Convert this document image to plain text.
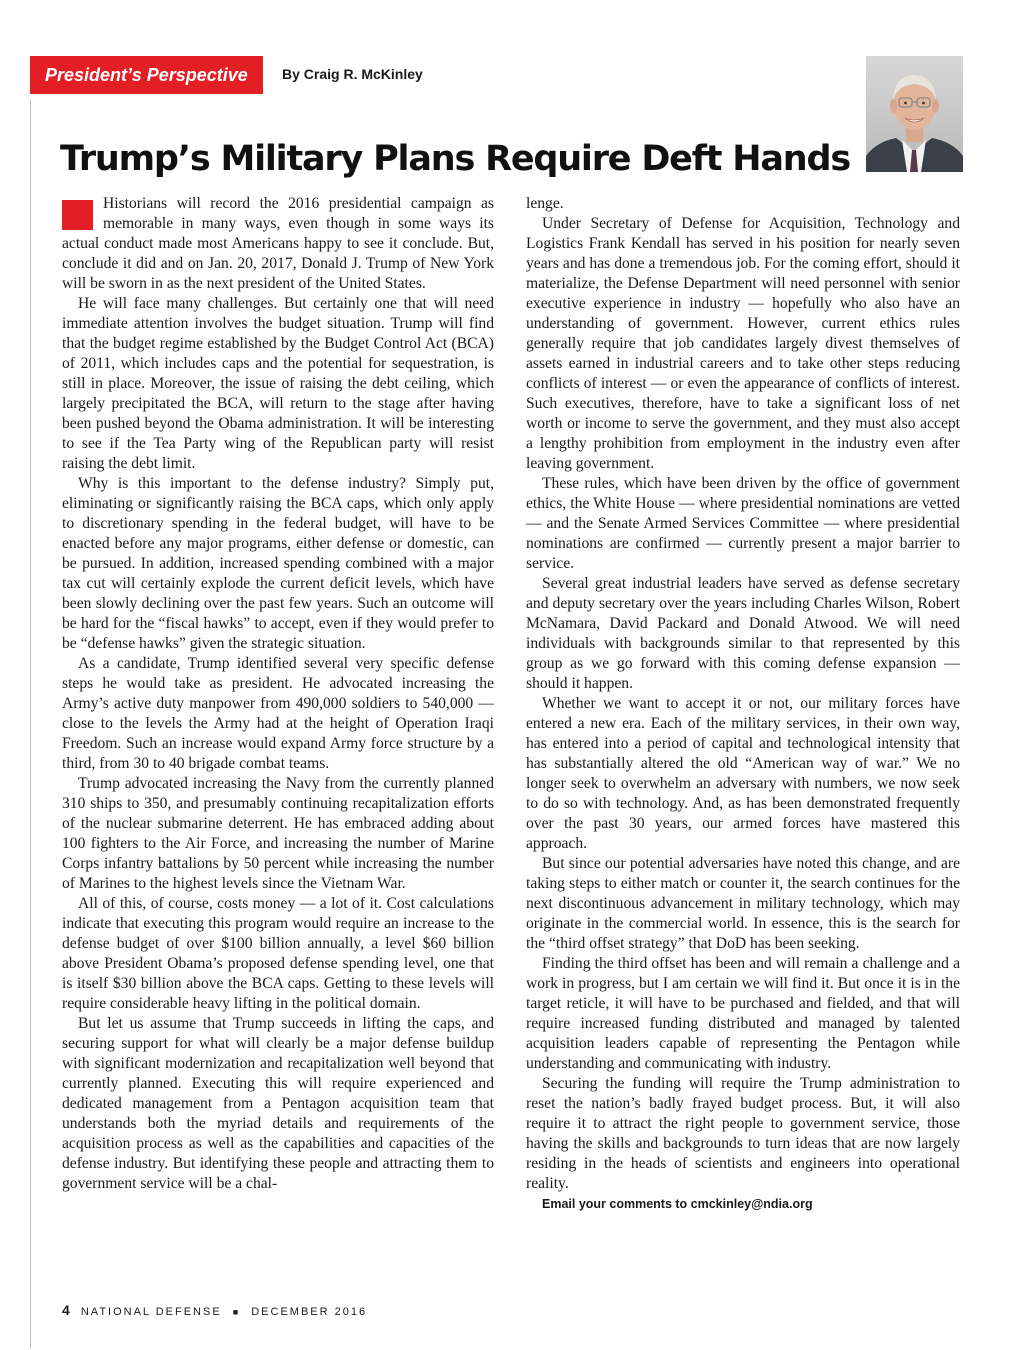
President’s Perspective	By Craig R. McKinley
Trump’s Military Plans Require Deft Hands

Historians will record the 2016 presidential campaign as memorable in many ways, even though in some ways its actual conduct made most Americans happy to see it conclude. But, conclude it did and on Jan. 20, 2017, Donald J. Trump of New York will be sworn in as the next president of the United States.

He will face many challenges. But certainly one that will need immediate attention involves the budget situation. Trump will find that the budget regime established by the Budget Control Act (BCA) of 2011, which includes caps and the potential for sequestration, is still in place. Moreover, the issue of raising the debt ceiling, which largely precipitated the BCA, will return to the stage after having been pushed beyond the Obama administration. It will be interesting to see if the Tea Party wing of the Republican party will resist raising the debt limit.

Why is this important to the defense industry? Simply put, eliminating or significantly raising the BCA caps, which only apply to discretionary spending in the federal budget, will have to be enacted before any major programs, either defense or domestic, can be pursued. In addition, increased spending combined with a major tax cut will certainly explode the current deficit levels, which have been slowly declining over the past few years. Such an outcome will be hard for the “fiscal hawks” to accept, even if they would prefer to be “defense hawks” given the strategic situation.

As a candidate, Trump identified several very specific defense steps he would take as president. He advocated increasing the Army’s active duty manpower from 490,000 soldiers to 540,000 — close to the levels the Army had at the height of Operation Iraqi Freedom. Such an increase would expand Army force structure by a third, from 30 to 40 brigade combat teams.

Trump advocated increasing the Navy from the currently planned 310 ships to 350, and presumably continuing recapitalization efforts of the nuclear submarine deterrent. He has embraced adding about 100 fighters to the Air Force, and increasing the number of Marine Corps infantry battalions by 50 percent while increasing the number of Marines to the highest levels since the Vietnam War.

All of this, of course, costs money — a lot of it. Cost calculations indicate that executing this program would require an increase to the defense budget of over $100 billion annually, a level $60 billion above President Obama’s proposed defense spending level, one that is itself $30 billion above the BCA caps. Getting to these levels will require considerable heavy lifting in the political domain.

But let us assume that Trump succeeds in lifting the caps, and securing support for what will clearly be a major defense buildup with significant modernization and recapitalization well beyond that currently planned. Executing this will require experienced and dedicated management from a Pentagon acquisition team that understands both the myriad details and requirements of the acquisition process as well as the capabilities and capacities of the defense industry. But identifying these people and attracting them to government service will be a chal-

lenge.

Under Secretary of Defense for Acquisition, Technology and Logistics Frank Kendall has served in his position for nearly seven years and has done a tremendous job. For the coming effort, should it materialize, the Defense Department will need personnel with senior executive experience in industry — hopefully who also have an understanding of government. However, current ethics rules generally require that job candidates largely divest themselves of assets earned in industrial careers and to take other steps reducing conflicts of interest — or even the appearance of conflicts of interest. Such executives, therefore, have to take a significant loss of net worth or income to serve the government, and they must also accept a lengthy prohibition from employment in the industry even after leaving government.

These rules, which have been driven by the office of government ethics, the White House — where presidential nominations are vetted — and the Senate Armed Services Committee — where presidential nominations are confirmed — currently present a major barrier to service.

Several great industrial leaders have served as defense secretary and deputy secretary over the years including Charles Wilson, Robert McNamara, David Packard and Donald Atwood. We will need individuals with backgrounds similar to that represented by this group as we go forward with this coming defense expansion — should it happen.

Whether we want to accept it or not, our military forces have entered a new era. Each of the military services, in their own way, has entered into a period of capital and technological intensity that has substantially altered the old “American way of war.” We no longer seek to overwhelm an adversary with numbers, we now seek to do so with technology. And, as has been demonstrated frequently over the past 30 years, our armed forces have mastered this approach.

But since our potential adversaries have noted this change, and are taking steps to either match or counter it, the search continues for the next discontinuous advancement in military technology, which may originate in the commercial world. In essence, this is the search for the “third offset strategy” that DoD has been seeking.

Finding the third offset has been and will remain a challenge and a work in progress, but I am certain we will find it. But once it is in the target reticle, it will have to be purchased and fielded, and that will require increased funding distributed and managed by talented acquisition leaders capable of representing the Pentagon while understanding and communicating with industry.

Securing the funding will require the Trump administration to reset the nation’s badly frayed budget process. But, it will also require it to attract the right people to government service, those having the skills and backgrounds to turn ideas that are now largely residing in the heads of scientists and engineers into operational reality.

Email your comments to cmckinley@ndia.org

4 NATIONAL DEFENSE ■ DECEMBER 2016
